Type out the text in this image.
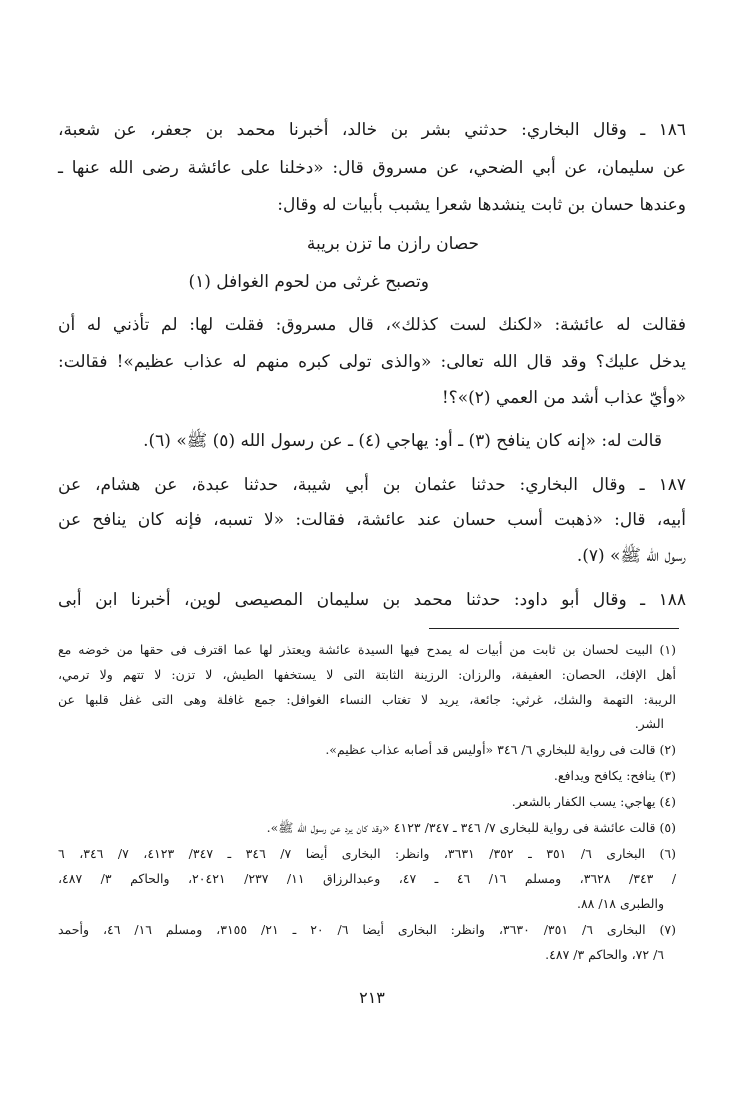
١٨٦ ـ وقال البخاري: حدثني بشر بن خالد، أخبرنا محمد بن جعفر، عن شعبة،
عن سليمان، عن أبي الضحي، عن مسروق قال: «دخلنا على عائشة رضى الله عنها ـ
وعندها حسان بن ثابت ينشدها شعرا يشبب بأبيات له وقال:
حصان رازن ما تزن بريبة
وتصبح غرثى من لحوم الغوافل (١)
فقالت له عائشة: «لكنك لست كذلك»، قال مسروق: فقلت لها: لم تأذني له أن
يدخل عليك؟ وقد قال الله تعالى: «والذى تولى كبره منهم له عذاب عظيم»! فقالت:
«وأيّ عذاب أشد من العمي (٢)»؟!
قالت له: «إنه كان ينافح (٣) ـ أو: يهاجي (٤) ـ عن رسول الله (٥) ﷺ» (٦).
١٨٧ ـ وقال البخاري: حدثنا عثمان بن أبي شيبة، حدثنا عبدة، عن هشام، عن
أبيه، قال: «ذهبت أسب حسان عند عائشة، فقالت: «لا تسبه، فإنه كان ينافح عن
رسول الله ﷺ» (٧).
١٨٨ ـ وقال أبو داود: حدثنا محمد بن سليمان المصيصى لوين، أخبرنا ابن أبى
(١) البيت لحسان بن ثابت من أبيات له يمدح فيها السيدة عائشة ويعتذر لها عما اقترف فى حقها من خوضه مع
أهل الإفك، الحصان: العفيفة، والرزان: الرزينة الثابتة التى لا يستخفها الطيش، لا تزن: لا تتهم ولا ترمي،
الريبة: التهمة والشك، غرثي: جائعة، يريد لا تغتاب النساء الغوافل: جمع غافلة وهى التى غفل قلبها عن
الشر.
(٢) قالت فى رواية للبخاري ٦/ ٣٤٦ «أوليس قد أصابه عذاب عظيم».
(٣) ينافح: يكافح ويدافع.
(٤) يهاجي: يسب الكفار بالشعر.
(٥) قالت عائشة فى رواية للبخارى ٧/ ٣٤٦ ـ ٣٤٧/ ٤١٢٣ «وقد كان يرد عن رسول الله ﷺ».
(٦) البخارى ٦/ ٣٥١ ـ ٣٥٢/ ٣٦٣١، وانظر: البخارى أيضا ٧/ ٣٤٦ ـ ٣٤٧/ ٤١٢٣، ٧/ ٣٤٦، ٦
/ ٣٤٣/ ٣٦٢٨، ومسلم ١٦/ ٤٦ ـ ٤٧، وعبدالرزاق ١١/ ٢٣٧/ ٢٠٤٢١، والحاكم ٣/ ٤٨٧،
والطبرى ١٨/ ٨٨.
(٧) البخارى ٦/ ٣٥١/ ٣٦٣٠، وانظر: البخارى أيضا ٦/ ٢٠ ـ ٢١/ ٣١٥٥، ومسلم ١٦/ ٤٦، وأحمد
٦/ ٧٢، والحاكم ٣/ ٤٨٧.
٢١٣
